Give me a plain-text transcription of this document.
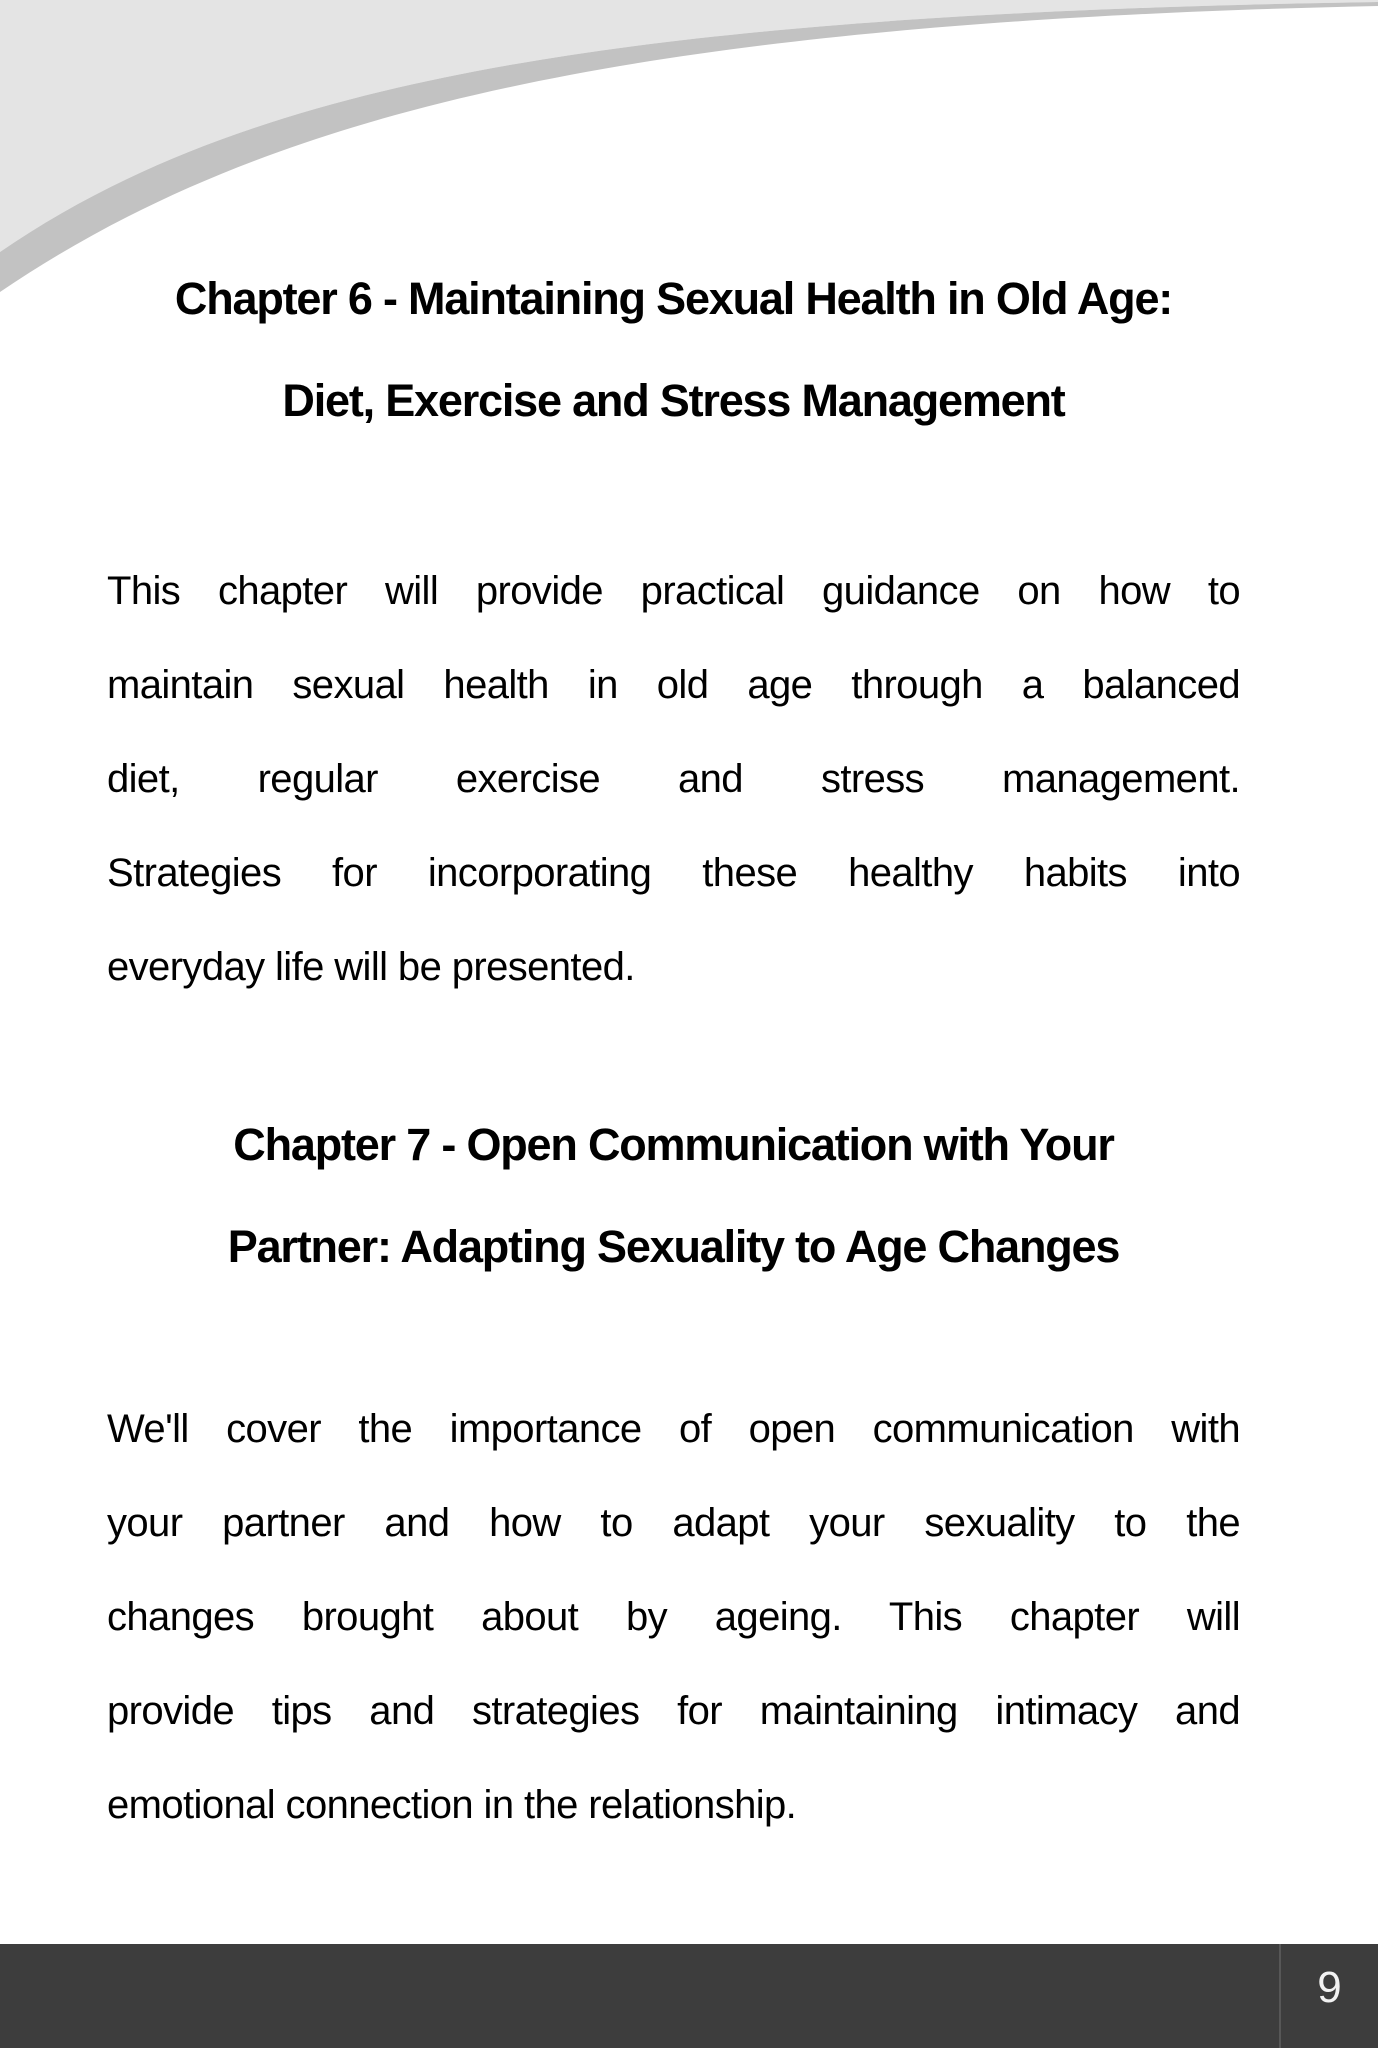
Chapter 6 - Maintaining Sexual Health in Old Age:
Diet, Exercise and Stress Management

This chapter will provide practical guidance on how to
maintain sexual health in old age through a balanced
diet, regular exercise and stress management.
Strategies for incorporating these healthy habits into
everyday life will be presented.

Chapter 7 - Open Communication with Your
Partner: Adapting Sexuality to Age Changes

We'll cover the importance of open communication with
your partner and how to adapt your sexuality to the
changes brought about by ageing. This chapter will
provide tips and strategies for maintaining intimacy and
emotional connection in the relationship.

9
